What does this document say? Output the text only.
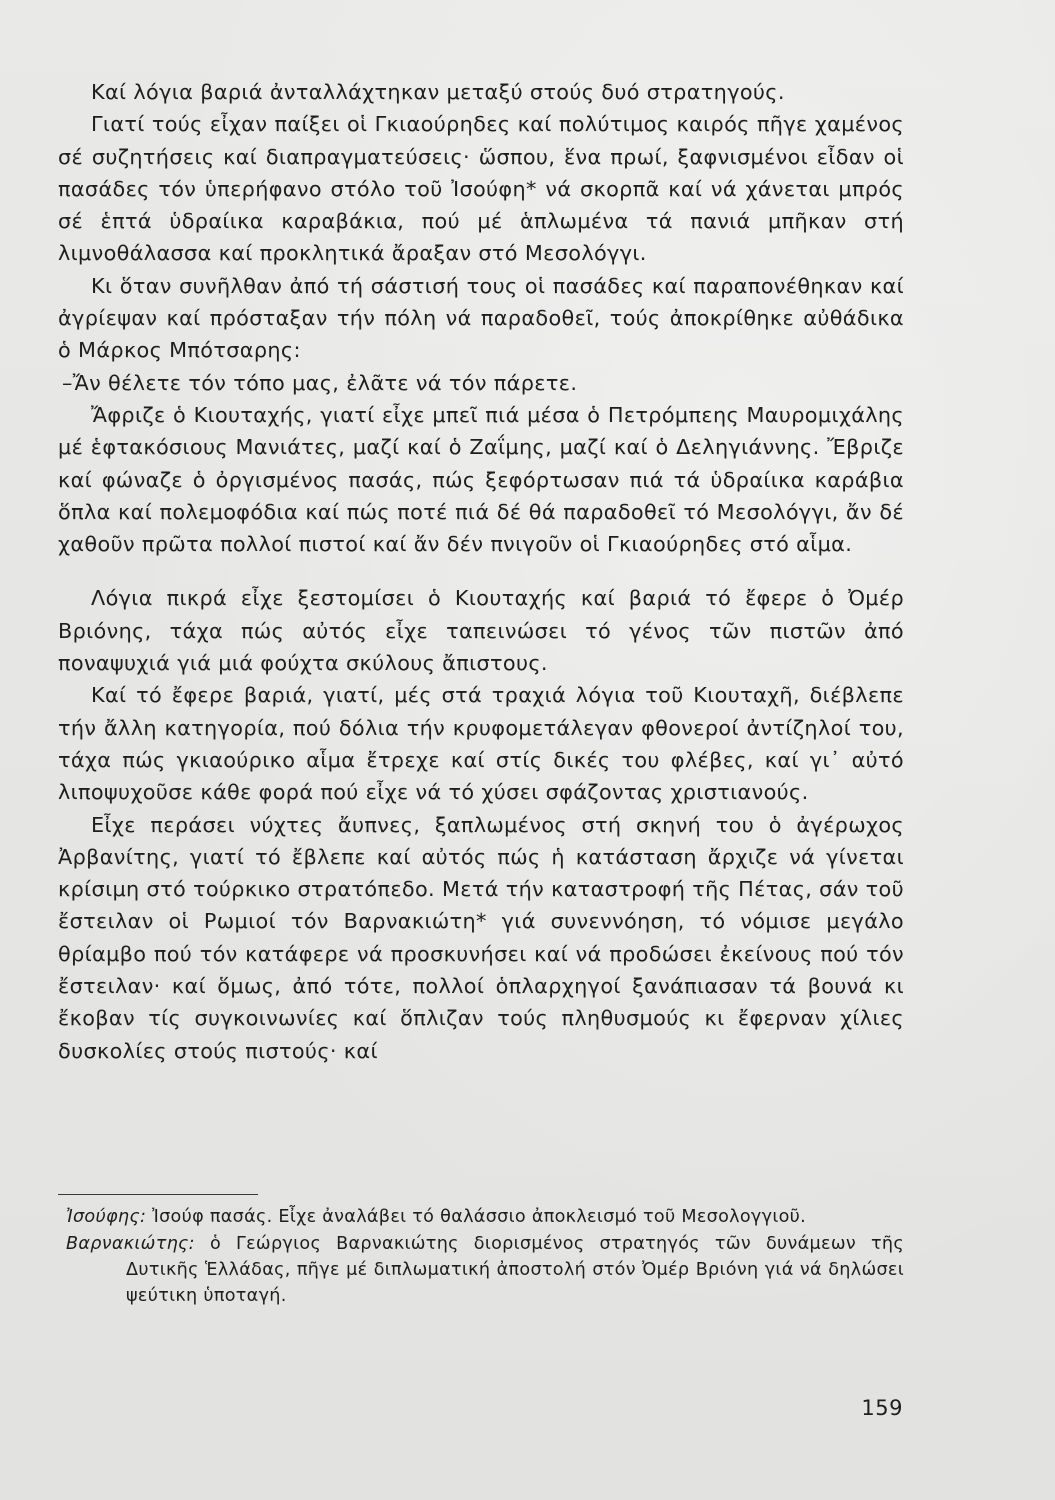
Καί λόγια βαριά ἀνταλλάχτηκαν μεταξύ στούς δυό στρατηγούς.

Γιατί τούς εἶχαν παίξει οἱ Γκιαούρηδες καί πολύτιμος καιρός πῆγε χαμένος σέ συζητήσεις καί διαπραγματεύσεις· ὥσπου, ἕνα πρωί, ξαφνισμένοι εἶδαν οἱ πασάδες τόν ὑπερήφανο στόλο τοῦ Ἰσούφη* νά σκορπᾶ καί νά χάνεται μπρός σέ ἑπτά ὑδραίικα καραβάκια, πού μέ ἁπλωμένα τά πανιά μπῆκαν στή λιμνοθάλασσα καί προκλητικά ἄραξαν στό Μεσολόγγι.

Κι ὅταν συνῆλθαν ἀπό τή σάστισή τους οἱ πασάδες καί παραπονέθηκαν καί ἀγρίεψαν καί πρόσταξαν τήν πόλη νά παραδοθεῖ, τούς ἀποκρίθηκε αὐθάδικα ὁ Μάρκος Μπότσαρης:

–Ἄν θέλετε τόν τόπο μας, ἐλᾶτε νά τόν πάρετε.

Ἄφριζε ὁ Κιουταχής, γιατί εἶχε μπεῖ πιά μέσα ὁ Πετρόμπεης Μαυρομιχάλης μέ ἑφτακόσιους Μανιάτες, μαζί καί ὁ Ζαΐμης, μαζί καί ὁ Δεληγιάννης. Ἔβριζε καί φώναζε ὁ ὀργισμένος πασάς, πώς ξεφόρτωσαν πιά τά ὑδραίικα καράβια ὅπλα καί πολεμοφόδια καί πώς ποτέ πιά δέ θά παραδοθεῖ τό Μεσολόγγι, ἄν δέ χαθοῦν πρῶτα πολλοί πιστοί καί ἄν δέν πνιγοῦν οἱ Γκιαούρηδες στό αἷμα.

Λόγια πικρά εἶχε ξεστομίσει ὁ Κιουταχής καί βαριά τό ἔφερε ὁ Ὀμέρ Βριόνης, τάχα πώς αὐτός εἶχε ταπεινώσει τό γένος τῶν πιστῶν ἀπό ποναψυχιά γιά μιά φούχτα σκύλους ἄπιστους.

Καί τό ἔφερε βαριά, γιατί, μές στά τραχιά λόγια τοῦ Κιουταχῆ, διέβλεπε τήν ἄλλη κατηγορία, πού δόλια τήν κρυφομετάλεγαν φθονεροί ἀντίζηλοί του, τάχα πώς γκιαούρικο αἷμα ἔτρεχε καί στίς δικές του φλέβες, καί γι᾽ αὐτό λιποψυχοῦσε κάθε φορά πού εἶχε νά τό χύσει σφάζοντας χριστιανούς.

Εἶχε περάσει νύχτες ἄυπνες, ξαπλωμένος στή σκηνή του ὁ ἀγέρωχος Ἀρβανίτης, γιατί τό ἔβλεπε καί αὐτός πώς ἡ κατάσταση ἄρχιζε νά γίνεται κρίσιμη στό τούρκικο στρατόπεδο. Μετά τήν καταστροφή τῆς Πέτας, σάν τοῦ ἔστειλαν οἱ Ρωμιοί τόν Βαρνακιώτη* γιά συνεννόηση, τό νόμισε μεγάλο θρίαμβο πού τόν κατάφερε νά προσκυνήσει καί νά προδώσει ἐκείνους πού τόν ἔστειλαν· καί ὅμως, ἀπό τότε, πολλοί ὁπλαρχηγοί ξανάπιασαν τά βουνά κι ἔκοβαν τίς συγκοινωνίες καί ὅπλιζαν τούς πληθυσμούς κι ἔφερναν χίλιες δυσκολίες στούς πιστούς· καί

Ἰσούφης: Ἰσούφ πασάς. Εἶχε ἀναλάβει τό θαλάσσιο ἀποκλεισμό τοῦ Μεσολογγιοῦ.

Βαρνακιώτης: ὁ Γεώργιος Βαρνακιώτης διορισμένος στρατηγός τῶν δυνάμεων τῆς Δυτικῆς Ἑλλάδας, πῆγε μέ διπλωματική ἀποστολή στόν Ὀμέρ Βριόνη γιά νά δηλώσει ψεύτικη ὑποταγή.

159
